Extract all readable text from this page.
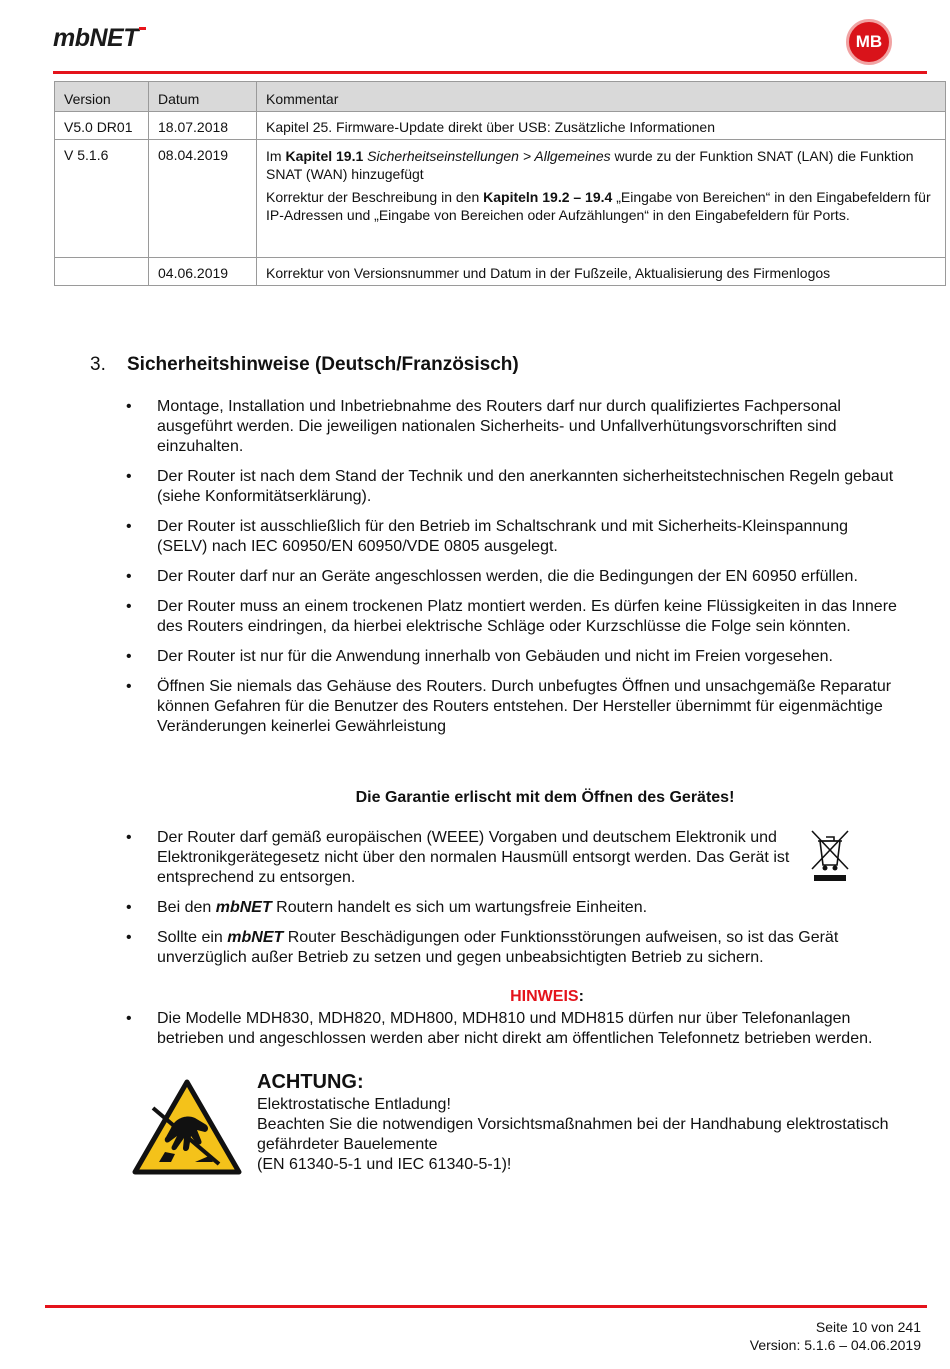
mbNET	MB
Version	Datum	Kommentar
V5.0 DR01	18.07.2018	Kapitel 25. Firmware-Update direkt über USB: Zusätzliche Informationen
V 5.1.6	08.04.2019	Im Kapitel 19.1 Sicherheitseinstellungen > Allgemeines wurde zu der Funktion SNAT (LAN) die Funktion SNAT (WAN) hinzugefügt
Korrektur der Beschreibung in den Kapiteln 19.2 – 19.4 „Eingabe von Bereichen“ in den Eingabefeldern für IP-Adressen und „Eingabe von Bereichen oder Aufzählungen“ in den Eingabefeldern für Ports.

	04.06.2019	Korrektur von Versionsnummer und Datum in der Fußzeile, Aktualisierung des Firmenlogos
3. Sicherheitshinweise (Deutsch/Französisch)
• Montage, Installation und Inbetriebnahme des Routers darf nur durch qualifiziertes Fachpersonal ausgeführt werden. Die jeweiligen nationalen Sicherheits- und Unfallverhütungsvorschriften sind einzuhalten.
• Der Router ist nach dem Stand der Technik und den anerkannten sicherheitstechnischen Regeln gebaut (siehe Konformitätserklärung).
• Der Router ist ausschließlich für den Betrieb im Schaltschrank und mit Sicherheits-Kleinspannung (SELV) nach IEC 60950/EN 60950/VDE 0805 ausgelegt.
• Der Router darf nur an Geräte angeschlossen werden, die die Bedingungen der EN 60950 erfüllen.
• Der Router muss an einem trockenen Platz montiert werden. Es dürfen keine Flüssigkeiten in das Innere des Routers eindringen, da hierbei elektrische Schläge oder Kurzschlüsse die Folge sein könnten.
• Der Router ist nur für die Anwendung innerhalb von Gebäuden und nicht im Freien vorgesehen.
• Öffnen Sie niemals das Gehäuse des Routers. Durch unbefugtes Öffnen und unsachgemäße Reparatur können Gefahren für die Benutzer des Routers entstehen. Der Hersteller übernimmt für eigenmächtige Veränderungen keinerlei Gewährleistung
Die Garantie erlischt mit dem Öffnen des Gerätes!
• Der Router darf gemäß europäischen (WEEE) Vorgaben und deutschem Elektronik und Elektronikgerätegesetz nicht über den normalen Hausmüll entsorgt werden. Das Gerät ist entsprechend zu entsorgen.
• Bei den mbNET Routern handelt es sich um wartungsfreie Einheiten.
• Sollte ein mbNET Router Beschädigungen oder Funktionsstörungen aufweisen, so ist das Gerät unverzüglich außer Betrieb zu setzen und gegen unbeabsichtigten Betrieb zu sichern.
HINWEIS:
• Die Modelle MDH830, MDH820, MDH800, MDH810 und MDH815 dürfen nur über Telefonanlagen betrieben und angeschlossen werden aber nicht direkt am öffentlichen Telefonnetz betrieben werden.
ACHTUNG:
Elektrostatische Entladung!
Beachten Sie die notwendigen Vorsichtsmaßnahmen bei der Handhabung elektrostatisch gefährdeter Bauelemente
(EN 61340-5-1 und IEC 61340-5-1)!
Seite 10 von 241
Version: 5.1.6 – 04.06.2019
